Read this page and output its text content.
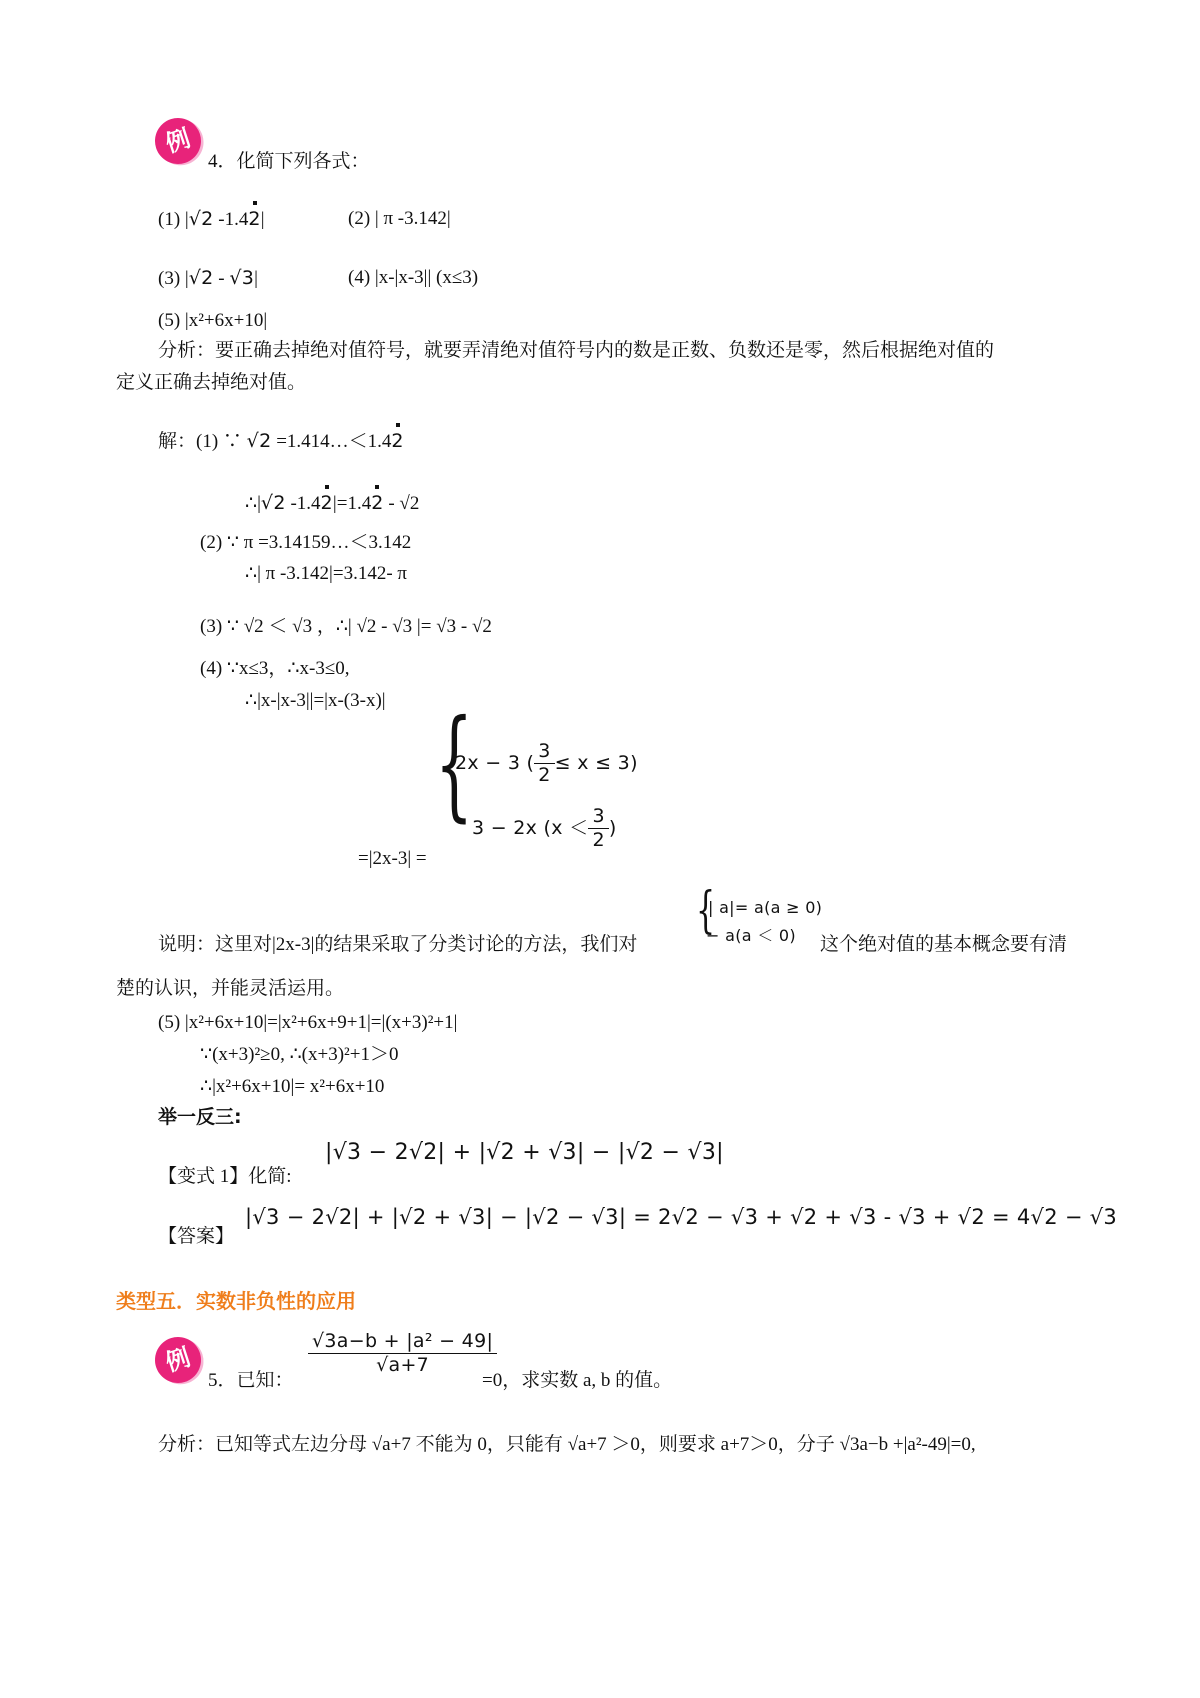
例
4．化简下列各式：
(1) |√2 -1.4
2|	(2) | π -3.142|
(3) |√2 - √3|	(4) |x-|x-3|| (x≤3)
(5) |x²+6x+10|
分析：要正确去掉绝对值符号，就要弄清绝对值符号内的数是正数、负数还是零，然后根据绝对值的
定义正确去掉绝对值。
解：(1) ∵ √2 =1.414…＜1.4
2
∴|√2 -1.4
2|=1.4
2 - √2
(2) ∵ π =3.14159…＜3.142
∴| π -3.142|=3.142- π
(3) ∵ √2 ＜ √3 ，∴| √2 - √3 |= √3 - √2
(4) ∵x≤3，∴x-3≤0,
∴|x-|x-3||=|x-(3-x)| {
2x − 3 ( $\frac{3}{2} \le x \le 3$)
3 − 2x ($x < \frac{3}{2}$ )
=|2x-3| =
{
| a|= a(a ≥ 0)
− a(a ＜ 0)
说明：这里对|2x-3|的结果采取了分类讨论的方法，我们对	这个绝对值的基本概念要有清
楚的认识，并能灵活运用。
(5) |x²+6x+10|=|x²+6x+9+1|=|(x+3)²+1|
∵(x+3)²≥0, ∴(x+3)²+1＞0
∴|x²+6x+10|= x²+6x+10
举一反三:
【变式 1】化简:
|√3 − 2√2| + |√2 + √3| − |√2 − √3|
【答案】
|√3 − 2√2| + |√2 + √3| − |√2 − √3| = 2√2 − √3 + √2 + √3 - √3 + √2 = 4√2 − √3
类型五．实数非负性的应用
例
5．已知：
$\frac{\text{√3a−b + |a² − 49|}}{√a+7}$
=0，求实数 a, b 的值。
分析：已知等式左边分母 √a+7 不能为 0，只能有 √a+7 ＞0，则要求 a+7＞0，分子 √3a−b +|a²-49|=0,
